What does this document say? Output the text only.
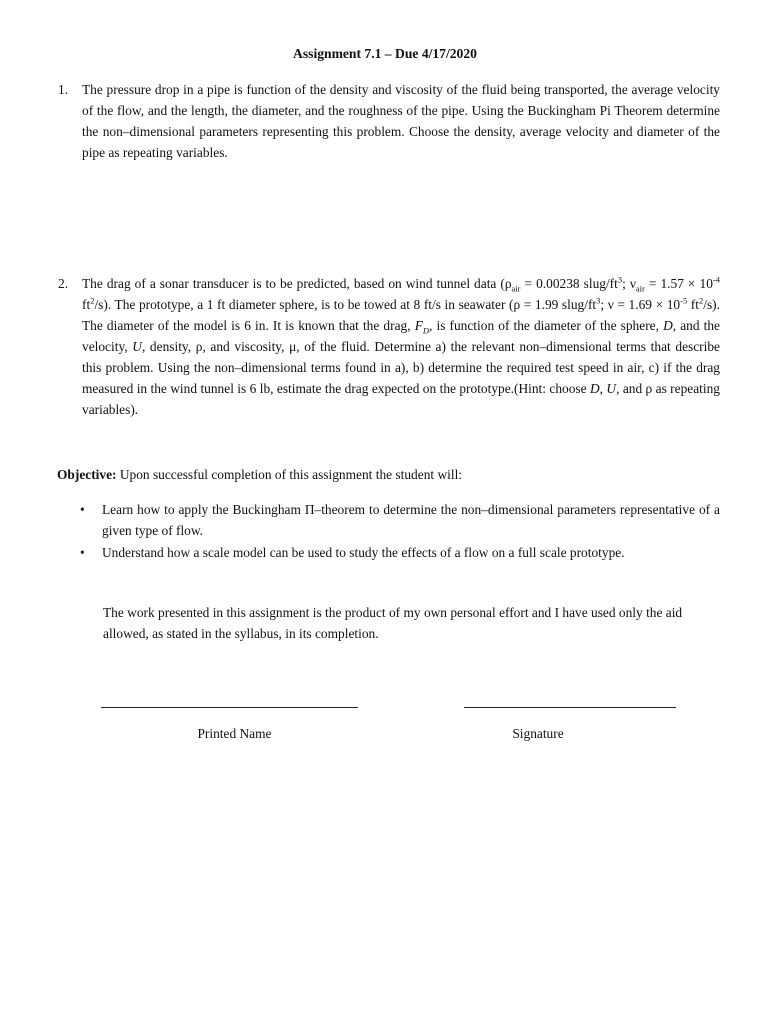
Assignment 7.1 – Due 4/17/2020
1. The pressure drop in a pipe is function of the density and viscosity of the fluid being transported, the average velocity of the flow, and the length, the diameter, and the roughness of the pipe. Using the Buckingham Pi Theorem determine the non–dimensional parameters representing this problem. Choose the density, average velocity and diameter of the pipe as repeating variables.
2. The drag of a sonar transducer is to be predicted, based on wind tunnel data ($\rho_{air} = 0.00238$ slug/$ft^3$; $\nu_{air} = 1.57 \times 10^{-4}$ $ft^2/s$). The prototype, a 1 ft diameter sphere, is to be towed at 8 ft/s in seawater (ρ = 1.99 slug/$ft^3$; $\nu = 1.69 \times 10^{-5}$ $ft^2/s$). The diameter of the model is 6 in. It is known that the drag, $F_D$, is function of the diameter of the sphere, D, and the velocity, U, density, ρ, and viscosity, μ, of the fluid. Determine a) the relevant non–dimensional terms that describe this problem. Using the non–dimensional terms found in a), b) determine the required test speed in air, c) if the drag measured in the wind tunnel is 6 lb, estimate the drag expected on the prototype.(Hint: choose D, U, and ρ as repeating variables).
Objective: Upon successful completion of this assignment the student will:
• Learn how to apply the Buckingham Π–theorem to determine the non–dimensional parameters representative of a given type of flow.
• Understand how a scale model can be used to study the effects of a flow on a full scale prototype.
The work presented in this assignment is the product of my own personal effort and I have used only the aid allowed, as stated in the syllabus, in its completion.
Printed Name	Signature
